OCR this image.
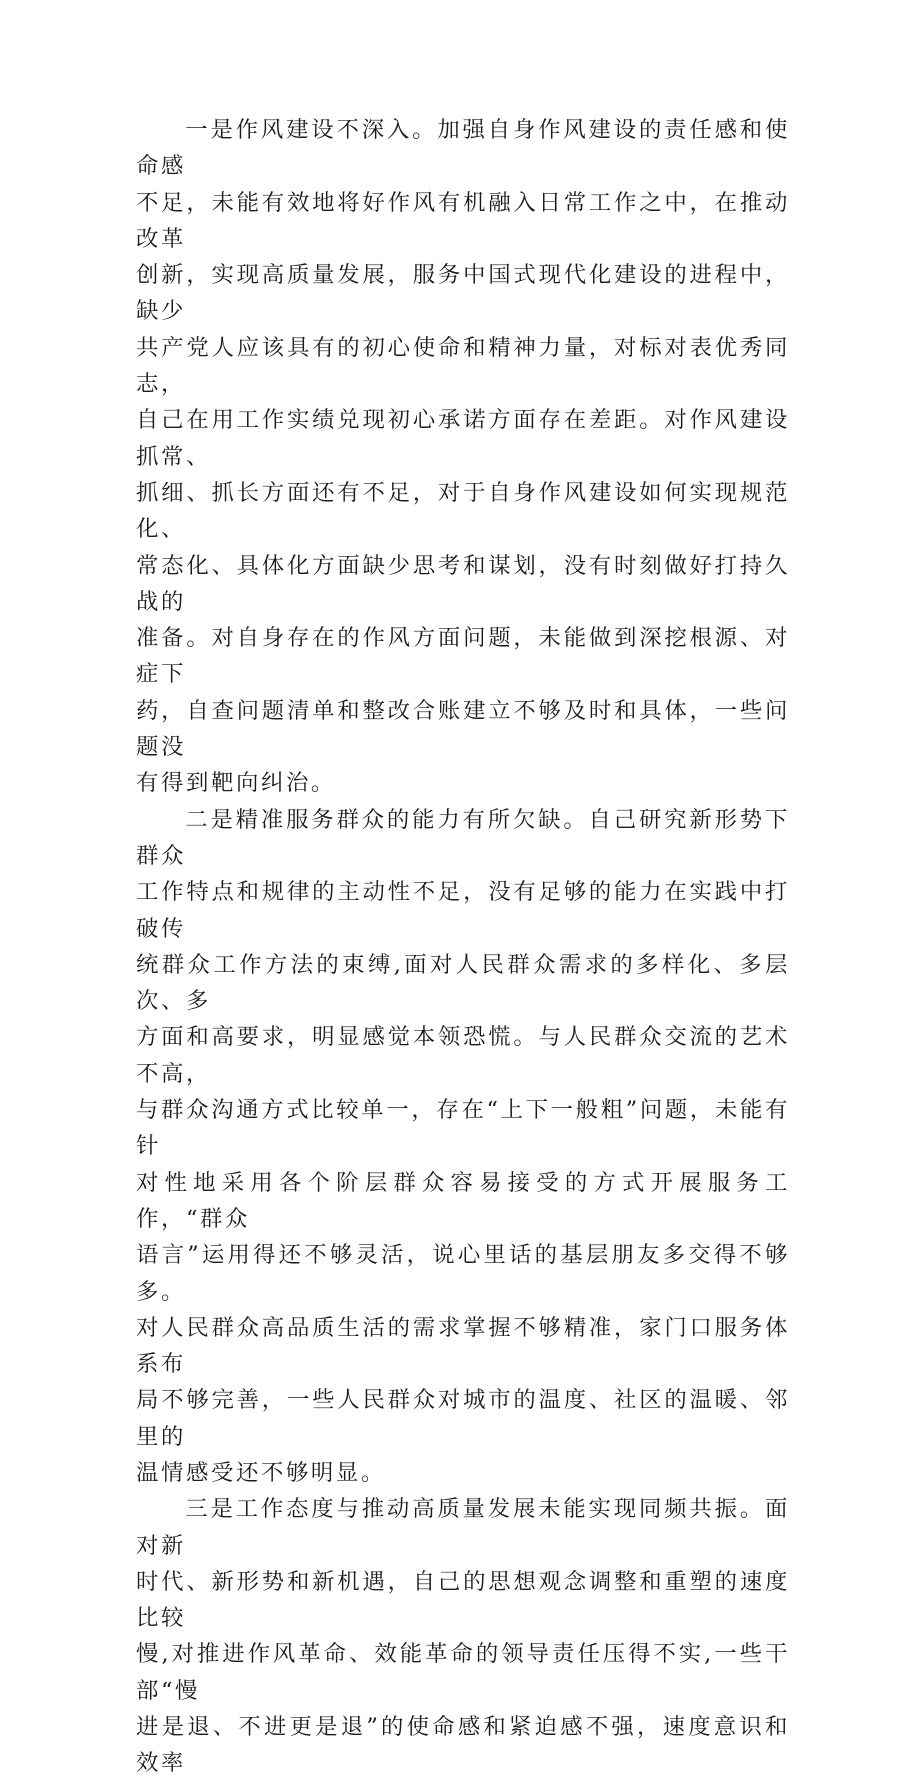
一是作风建设不深入。加强自身作风建设的责任感和使命感
不足，未能有效地将好作风有机融入日常工作之中，在推动改革
创新，实现高质量发展，服务中国式现代化建设的进程中，缺少
共产党人应该具有的初心使命和精神力量，对标对表优秀同志，
自己在用工作实绩兑现初心承诺方面存在差距。对作风建设抓常、
抓细、抓长方面还有不足，对于自身作风建设如何实现规范化、
常态化、具体化方面缺少思考和谋划，没有时刻做好打持久战的
准备。对自身存在的作风方面问题，未能做到深挖根源、对症下
药，自查问题清单和整改合账建立不够及时和具体，一些问题没
有得到靶向纠治。

二是精准服务群众的能力有所欠缺。自己研究新形势下群众
工作特点和规律的主动性不足，没有足够的能力在实践中打破传
统群众工作方法的束缚,面对人民群众需求的多样化、多层次、多
方面和高要求，明显感觉本领恐慌。与人民群众交流的艺术不高，
与群众沟通方式比较单一，存在“上下一般粗”问题，未能有针
对性地采用各个阶层群众容易接受的方式开展服务工作，“群众
语言”运用得还不够灵活，说心里话的基层朋友多交得不够多。
对人民群众高品质生活的需求掌握不够精准，家门口服务体系布
局不够完善，一些人民群众对城市的温度、社区的温暖、邻里的
温情感受还不够明显。

三是工作态度与推动高质量发展未能实现同频共振。面对新
时代、新形势和新机遇，自己的思想观念调整和重塑的速度比较
慢,对推进作风革命、效能革命的领导责任压得不实,一些干部“慢
进是退、不进更是退”的使命感和紧迫感不强，速度意识和效率
